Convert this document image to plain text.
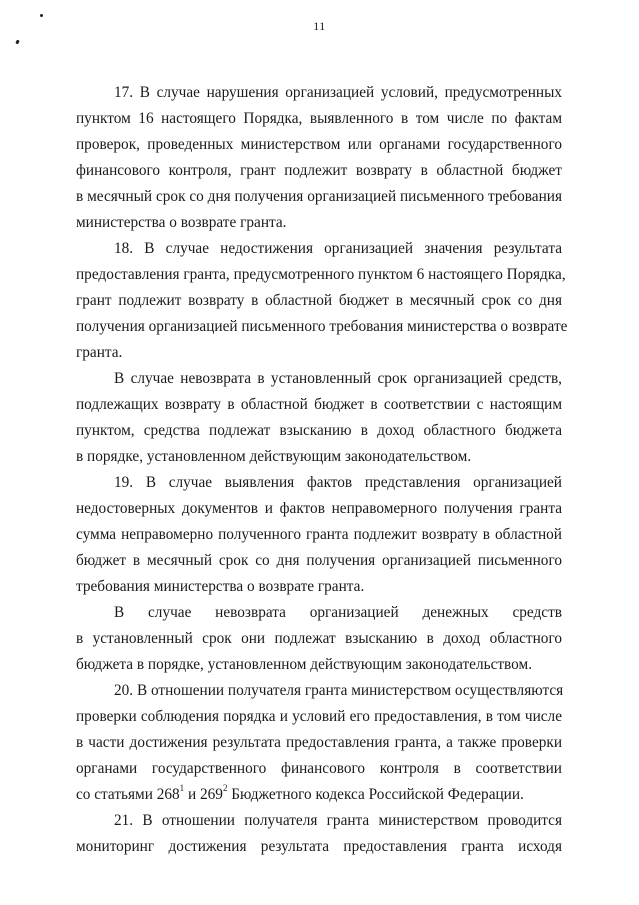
11

17. В случае нарушения организацией условий, предусмотренных
пунктом 16 настоящего Порядка, выявленного в том числе по фактам
проверок, проведенных министерством или органами государственного
финансового контроля, грант подлежит возврату в областной бюджет
в месячный срок со дня получения организацией письменного требования
министерства о возврате гранта.

18. В случае недостижения организацией значения результата
предоставления гранта, предусмотренного пунктом 6 настоящего Порядка,
грант подлежит возврату в областной бюджет в месячный срок со дня
получения организацией письменного требования министерства о возврате
гранта.

В случае невозврата в установленный срок организацией средств,
подлежащих возврату в областной бюджет в соответствии с настоящим
пунктом, средства подлежат взысканию в доход областного бюджета
в порядке, установленном действующим законодательством.

19. В случае выявления фактов представления организацией
недостоверных документов и фактов неправомерного получения гранта
сумма неправомерно полученного гранта подлежит возврату в областной
бюджет в месячный срок со дня получения организацией письменного
требования министерства о возврате гранта.

В случае невозврата организацией денежных средств
в установленный срок они подлежат взысканию в доход областного
бюджета в порядке, установленном действующим законодательством.

20. В отношении получателя гранта министерством осуществляются
проверки соблюдения порядка и условий его предоставления, в том числе
в части достижения результата предоставления гранта, а также проверки
органами государственного финансового контроля в соответствии
со статьями $268^1$ и $269^2$ Бюджетного кодекса Российской Федерации.

21. В отношении получателя гранта министерством проводится
мониторинг достижения результата предоставления гранта исходя
